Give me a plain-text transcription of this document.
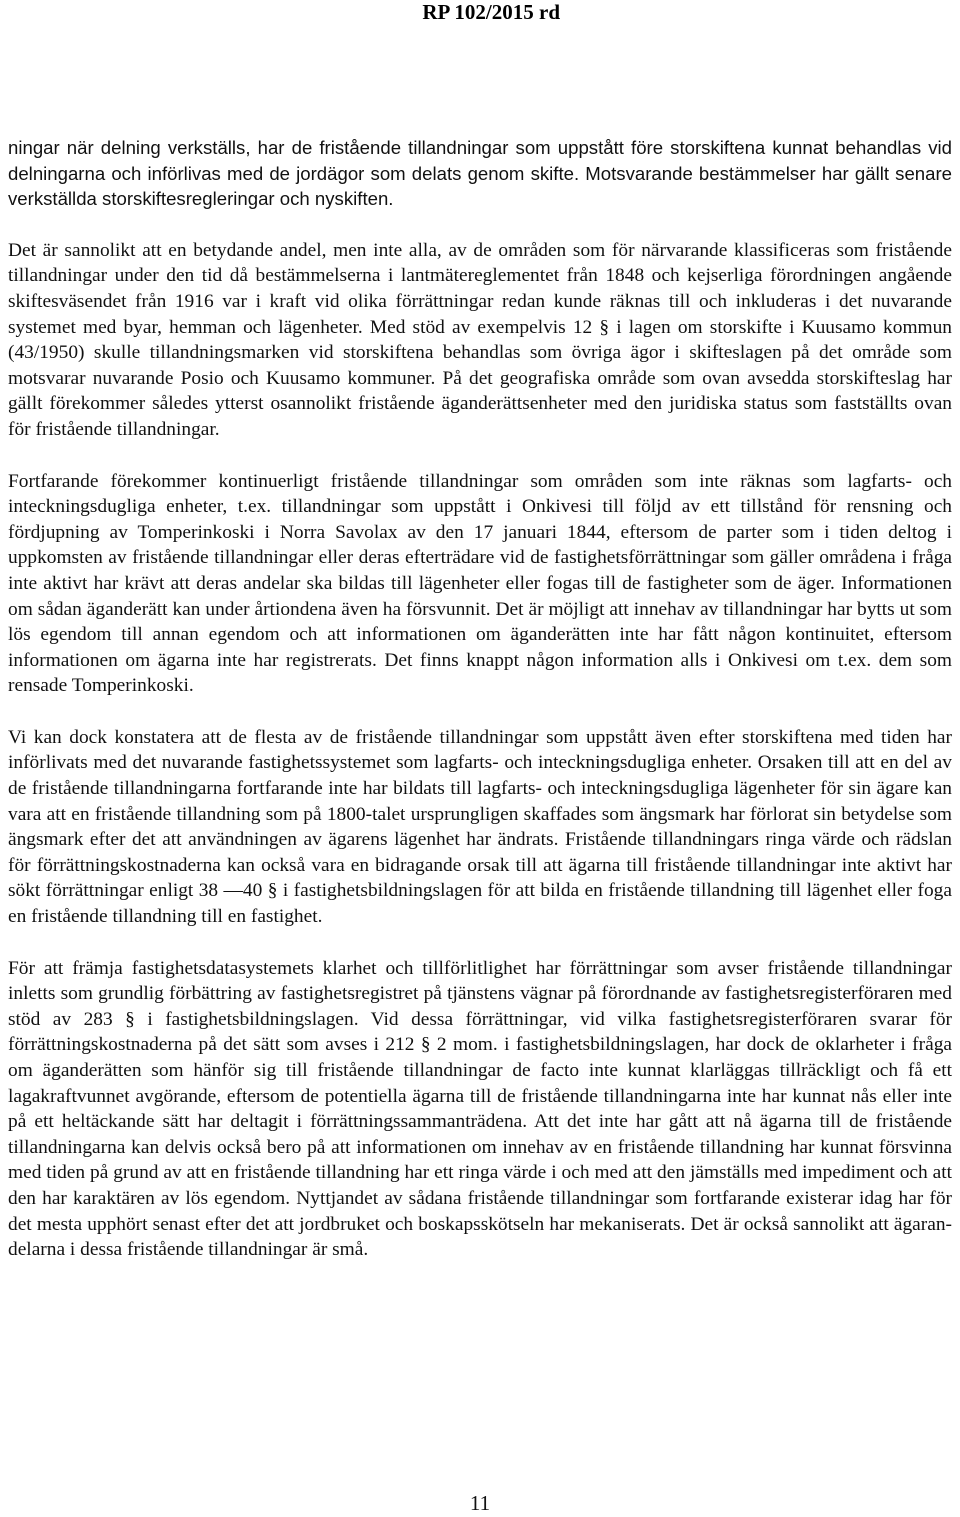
RP 102/2015 rd

ningar när delning verkställs, har de fristående tillandningar som uppstått före storskiftena kunnat behandlas vid delningarna och införlivas med de jordägor som delats genom skifte. Motsvarande bestämmelser har gällt senare verkställda storskiftesregleringar och nyskiften.

Det är sannolikt att en betydande andel, men inte alla, av de områden som för närvarande klassificeras som fristående tillandningar under den tid då bestämmelserna i lantmätereglementet från 1848 och kejserliga förordningen angående skiftesväsendet från 1916 var i kraft vid olika förrättningar redan kunde räknas till och inkluderas i det nuvarande systemet med byar, hemman och lägenheter. Med stöd av exempelvis 12 § i lagen om storskifte i Kuusamo kommun (43/1950) skulle tillandningsmarken vid storskiftena behandlas som övriga ägor i skifteslagen på det område som motsvarar nuvarande Posio och Kuusamo kommuner. På det geografiska område som ovan avsedda storskifteslag har gällt förekommer således ytterst osannolikt fristående äganderättsenheter med den juridiska status som fastställts ovan för fristående tillandningar.

Fortfarande förekommer kontinuerligt fristående tillandningar som områden som inte räknas som lagfarts- och inteckningsdugliga enheter, t.ex. tillandningar som uppstått i Onkivesi till följd av ett tillstånd för rensning och fördjupning av Tomperinkoski i Norra Savolax av den 17 januari 1844, eftersom de parter som i tiden deltog i uppkomsten av fristående tillandningar eller deras efterträdare vid de fastighetsförrättningar som gäller områdena i fråga inte aktivt har krävt att deras andelar ska bildas till lägenheter eller fogas till de fastigheter som de äger. Informationen om sådan äganderätt kan under årtiondena även ha försvunnit. Det är möjligt att innehav av tillandningar har bytts ut som lös egendom till annan egendom och att informationen om äganderätten inte har fått någon kontinuitet, eftersom informationen om ägarna inte har registrerats. Det finns knappt någon information alls i Onkivesi om t.ex. dem som rensade Tomperinkoski.

Vi kan dock konstatera att de flesta av de fristående tillandningar som uppstått även efter storskiftena med tiden har införlivats med det nuvarande fastighetssystemet som lagfarts- och inteckningsdugliga enheter. Orsaken till att en del av de fristående tillandningarna fortfarande inte har bildats till lagfarts- och inteckningsdugliga lägenheter för sin ägare kan vara att en fristående tillandning som på 1800-talet ursprungligen skaffades som ängsmark har förlorat sin betydelse som ängsmark efter det att användningen av ägarens lägenhet har ändrats. Fristående tillandningars ringa värde och rädslan för förrättningskostnaderna kan också vara en bidragande orsak till att ägarna till fristående tillandningar inte aktivt har sökt förrättningar enligt 38 —40 § i fastighetsbildningslagen för att bilda en fristående tillandning till lägenhet eller foga en fristående tillandning till en fastighet.

För att främja fastighetsdatasystemets klarhet och tillförlitlighet har förrättningar som avser fristående tillandningar inletts som grundlig förbättring av fastighetsregistret på tjänstens vägnar på förordnande av fastighetsregisterföraren med stöd av 283 § i fastighetsbildningslagen. Vid dessa förrättningar, vid vilka fastighetsregisterföraren svarar för förrättningskostnaderna på det sätt som avses i 212 § 2 mom. i fastighetsbildningslagen, har dock de oklarheter i fråga om äganderätten som hänför sig till fristående tillandningar de facto inte kunnat klarläggas tillräckligt och få ett lagakraftvunnet avgörande, eftersom de potentiella ägarna till de fristående tillandningarna inte har kunnat nås eller inte på ett heltäckande sätt har deltagit i förrättningssammanträdena. Att det inte har gått att nå ägarna till de fristående tillandningarna kan delvis också bero på att informationen om innehav av en fristående tillandning har kunnat försvinna med tiden på grund av att en fristående tillandning har ett ringa värde i och med att den jämställs med impediment och att den har karaktären av lös egendom. Nyttjandet av sådana fristående tillandningar som fortfarande existerar idag har för det mesta upphört senast efter det att jordbruket och boskapsskötseln har mekaniserats. Det är också sannolikt att ägarandelarna i dessa fristående tillandningar är små.

11
